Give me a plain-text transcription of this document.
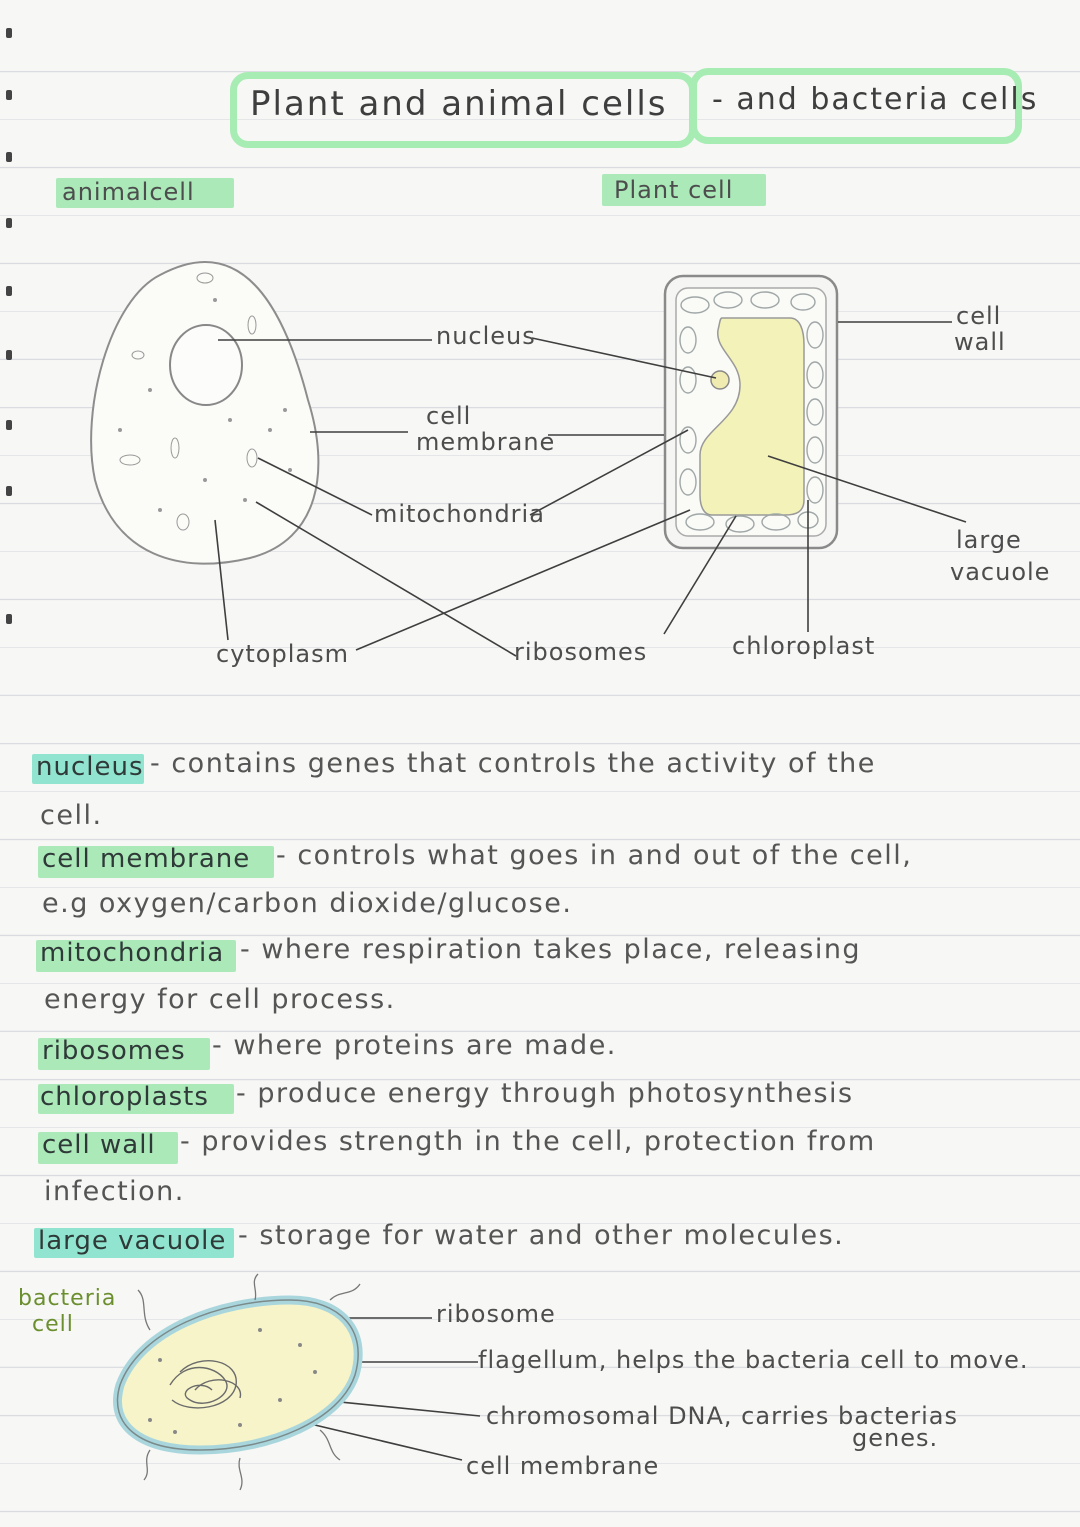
Plant and animal cells - and bacteria cells
animalcell	Plant cell
nucleus
cell
membrane
mitochondria
cytoplasm	ribosomes	chloroplast
cell
wall
large
vacuole
nucleus - contains genes that controls the activity of the
cell.
cell membrane - controls what goes in and out of the cell,
e.g oxygen/carbon dioxide/glucose.
mitochondria - where respiration takes place, releasing
energy for cell process.
ribosomes - where proteins are made.
chloroplasts - produce energy through photosynthesis
cell wall - provides strength in the cell, protection from
infection.
large vacuole - storage for water and other molecules.
bacteria
cell	ribosome
flagellum, helps the bacteria cell to move.
chromosomal DNA, carries bacterias
genes.
cell membrane
